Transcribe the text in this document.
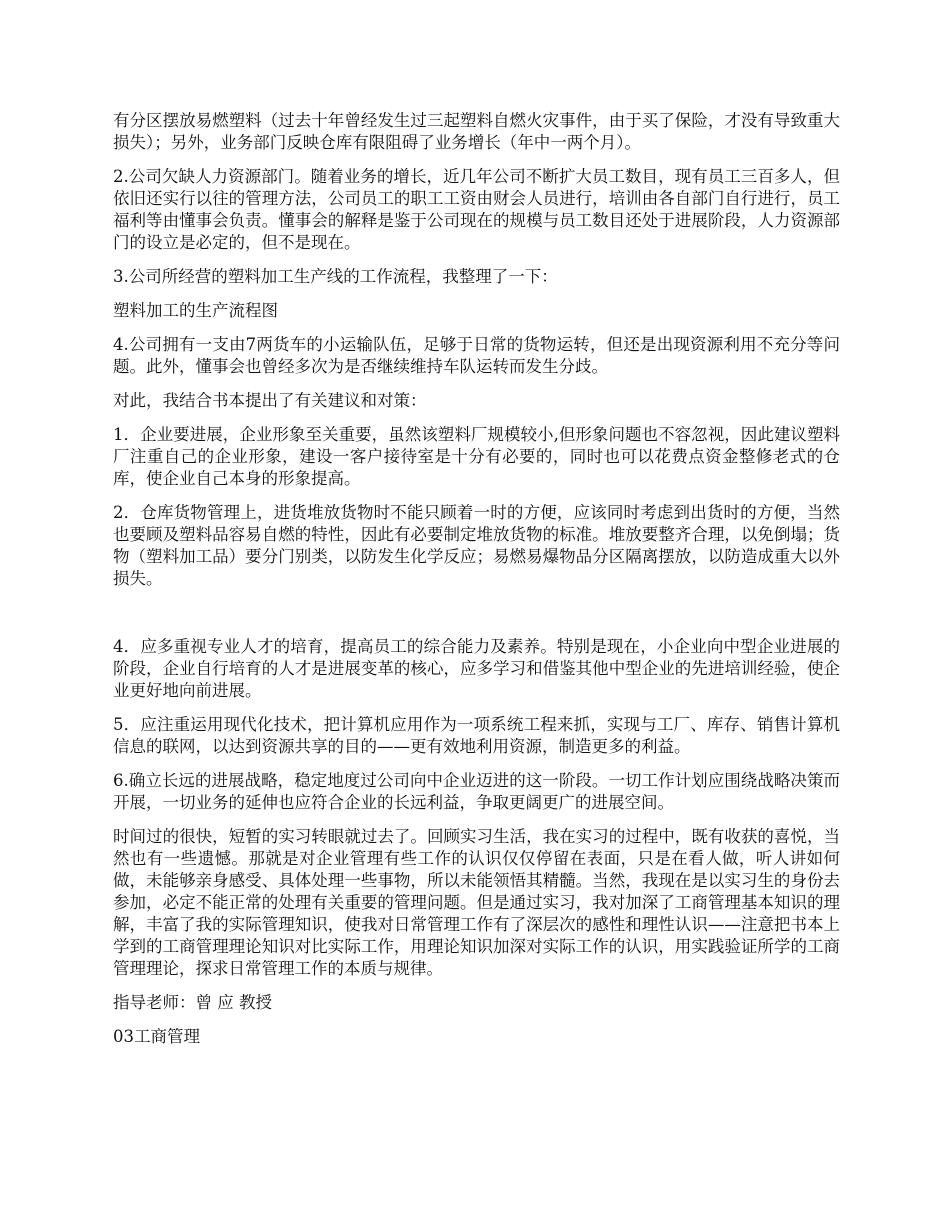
有分区摆放易燃塑料（过去十年曾经发生过三起塑料自燃火灾事件，由于买了保险，才没有导致重大损失）；另外，业务部门反映仓库有限阻碍了业务增长（年中一两个月）。

2.公司欠缺人力资源部门。随着业务的增长，近几年公司不断扩大员工数目，现有员工三百多人，但依旧还实行以往的管理方法，公司员工的职工工资由财会人员进行，培训由各自部门自行进行，员工福利等由懂事会负责。懂事会的解释是鉴于公司现在的规模与员工数目还处于进展阶段，人力资源部门的设立是必定的，但不是现在。

3.公司所经营的塑料加工生产线的工作流程，我整理了一下：

塑料加工的生产流程图

4.公司拥有一支由7两货车的小运输队伍，足够于日常的货物运转，但还是出现资源利用不充分等问题。此外，懂事会也曾经多次为是否继续维持车队运转而发生分歧。

对此，我结合书本提出了有关建议和对策：

1．企业要进展，企业形象至关重要，虽然该塑料厂规模较小,但形象问题也不容忽视，因此建议塑料厂注重自己的企业形象，建设一客户接待室是十分有必要的，同时也可以花费点资金整修老式的仓库，使企业自己本身的形象提高。

2．仓库货物管理上，进货堆放货物时不能只顾着一时的方便，应该同时考虑到出货时的方便，当然也要顾及塑料品容易自燃的特性，因此有必要制定堆放货物的标准。堆放要整齐合理，以免倒塌；货物（塑料加工品）要分门别类，以防发生化学反应；易燃易爆物品分区隔离摆放，以防造成重大以外损失。

4．应多重视专业人才的培育，提高员工的综合能力及素养。特别是现在，小企业向中型企业进展的阶段，企业自行培育的人才是进展变革的核心，应多学习和借鉴其他中型企业的先进培训经验，使企业更好地向前进展。

5．应注重运用现代化技术，把计算机应用作为一项系统工程来抓，实现与工厂、库存、销售计算机信息的联网，以达到资源共享的目的——更有效地利用资源，制造更多的利益。

6.确立长远的进展战略，稳定地度过公司向中企业迈进的这一阶段。一切工作计划应围绕战略决策而开展，一切业务的延伸也应符合企业的长远利益，争取更阔更广的进展空间。

时间过的很快，短暂的实习转眼就过去了。回顾实习生活，我在实习的过程中，既有收获的喜悦，当然也有一些遗憾。那就是对企业管理有些工作的认识仅仅停留在表面，只是在看人做，听人讲如何做，未能够亲身感受、具体处理一些事物，所以未能领悟其精髓。当然，我现在是以实习生的身份去参加，必定不能正常的处理有关重要的管理问题。但是通过实习，我对加深了工商管理基本知识的理解，丰富了我的实际管理知识，使我对日常管理工作有了深层次的感性和理性认识——注意把书本上学到的工商管理理论知识对比实际工作，用理论知识加深对实际工作的认识，用实践验证所学的工商管理理论，探求日常管理工作的本质与规律。

指导老师：曾 应 教授

03工商管理
